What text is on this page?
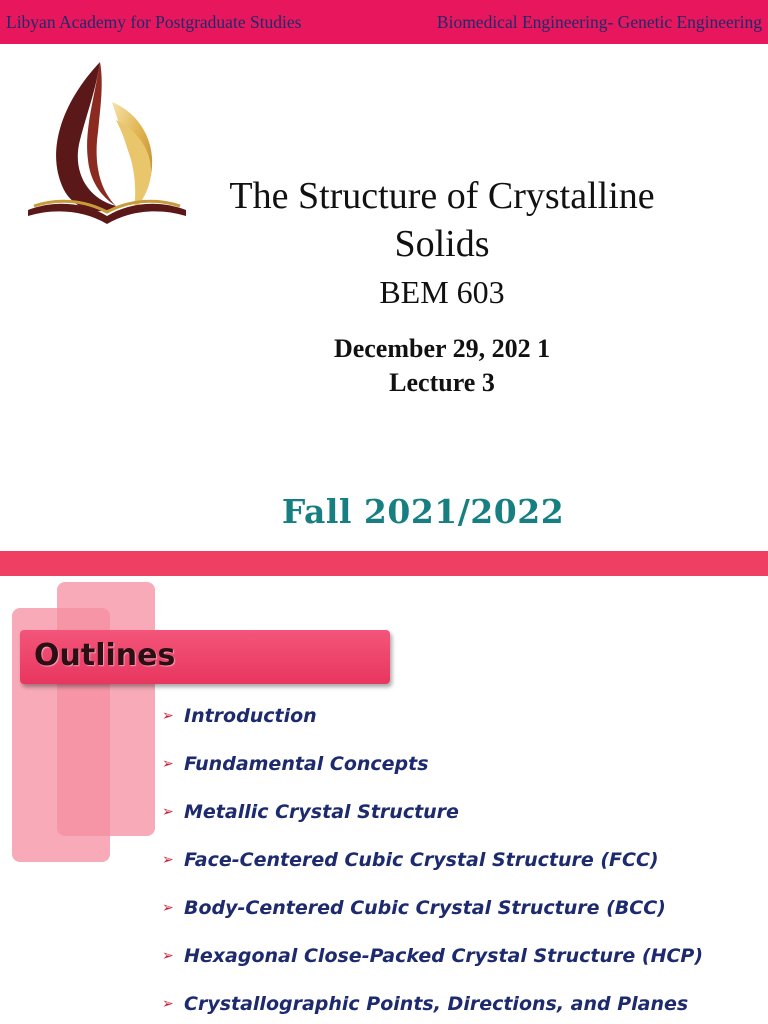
Libyan Academy for Postgraduate Studies	Biomedical Engineering- Genetic Engineering
The Structure of Crystalline
Solids
BEM 603
December 29, 202 1
Lecture 3
Fall 2021/2022
Outlines
➢ Introduction
➢ Fundamental Concepts
➢ Metallic Crystal Structure
➢ Face-Centered Cubic Crystal Structure (FCC)
➢ Body-Centered Cubic Crystal Structure (BCC)
➢ Hexagonal Close-Packed Crystal Structure (HCP)
➢ Crystallographic Points, Directions, and Planes
